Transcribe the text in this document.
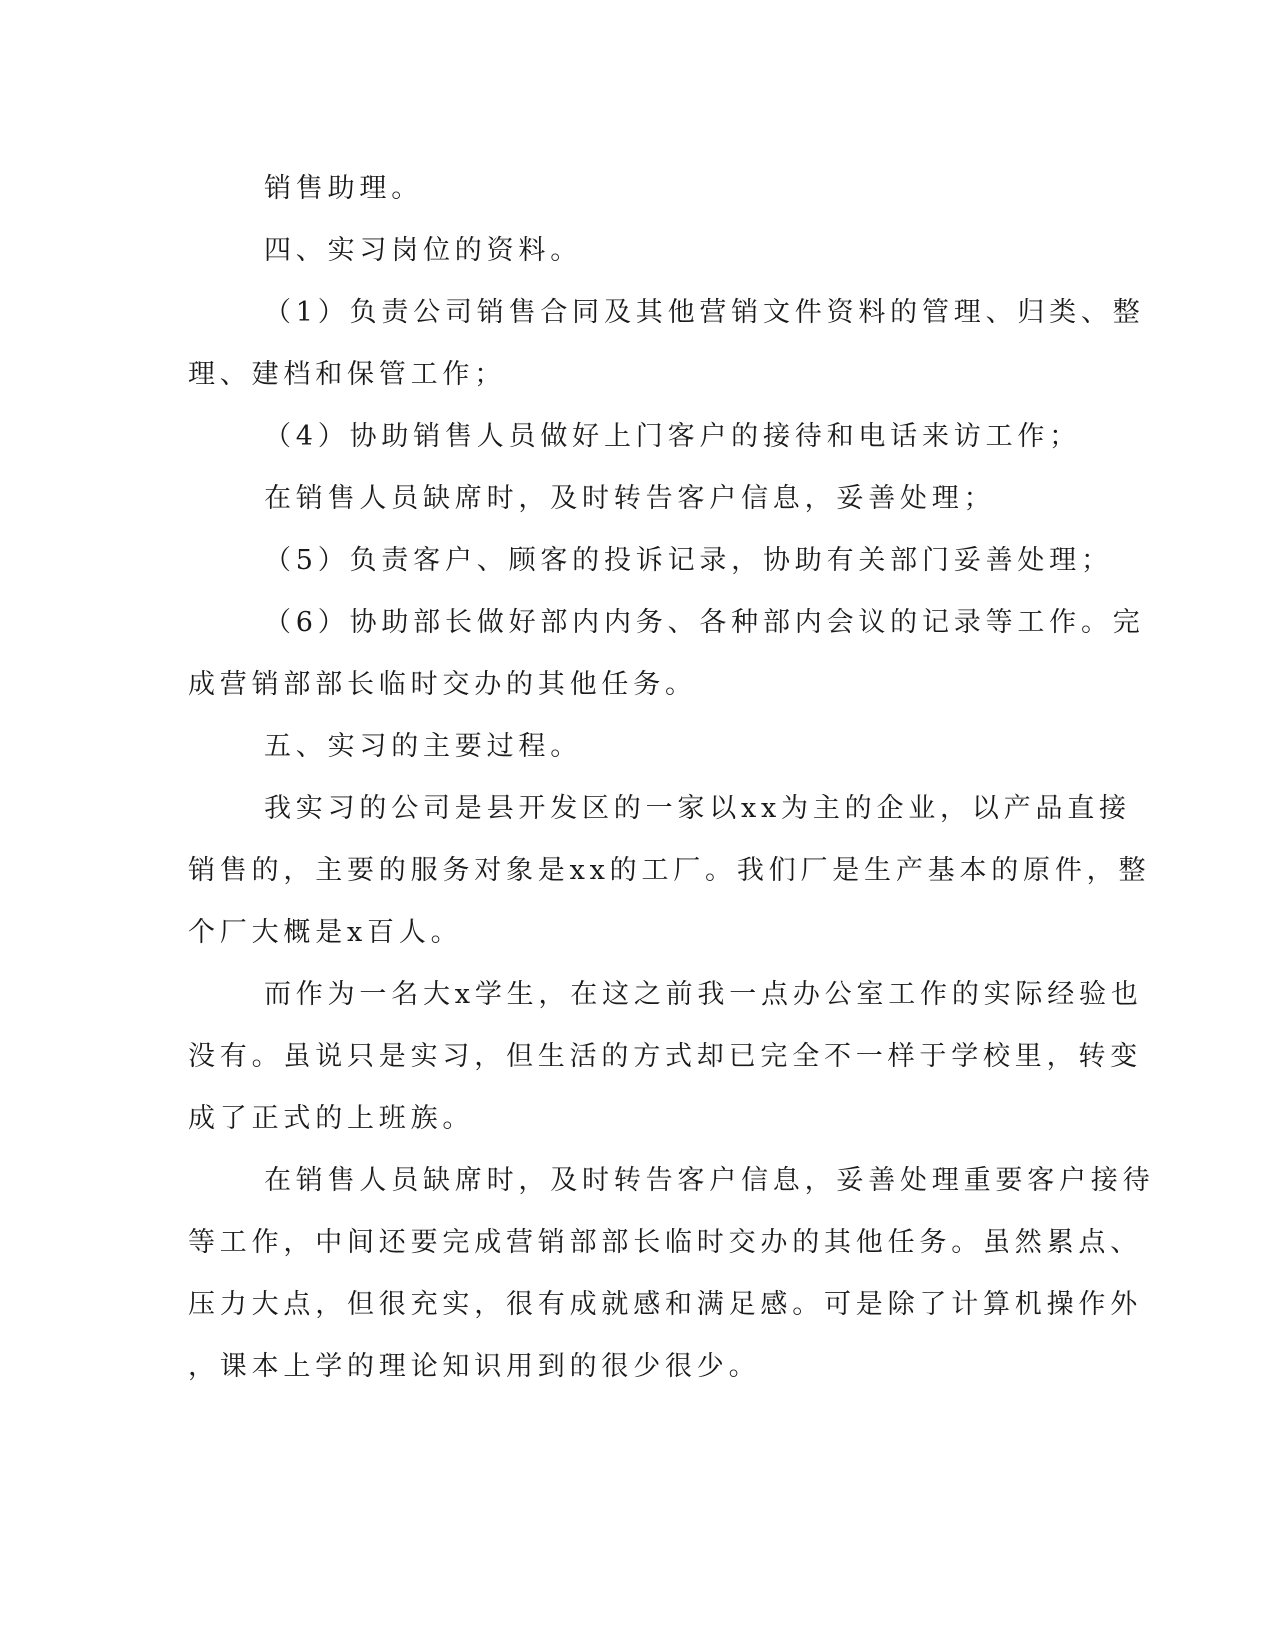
销售助理。
四、实习岗位的资料。
（1）负责公司销售合同及其他营销文件资料的管理、归类、整
理、建档和保管工作；
（4）协助销售人员做好上门客户的接待和电话来访工作；
在销售人员缺席时，及时转告客户信息，妥善处理；
（5）负责客户、顾客的投诉记录，协助有关部门妥善处理；
（6）协助部长做好部内内务、各种部内会议的记录等工作。完
成营销部部长临时交办的其他任务。
五、实习的主要过程。
我实习的公司是县开发区的一家以xx为主的企业，以产品直接
销售的，主要的服务对象是xx的工厂。我们厂是生产基本的原件，整
个厂大概是x百人。
而作为一名大x学生，在这之前我一点办公室工作的实际经验也
没有。虽说只是实习，但生活的方式却已完全不一样于学校里，转变
成了正式的上班族。
在销售人员缺席时，及时转告客户信息，妥善处理重要客户接待
等工作，中间还要完成营销部部长临时交办的其他任务。虽然累点、
压力大点，但很充实，很有成就感和满足感。可是除了计算机操作外
，课本上学的理论知识用到的很少很少。
